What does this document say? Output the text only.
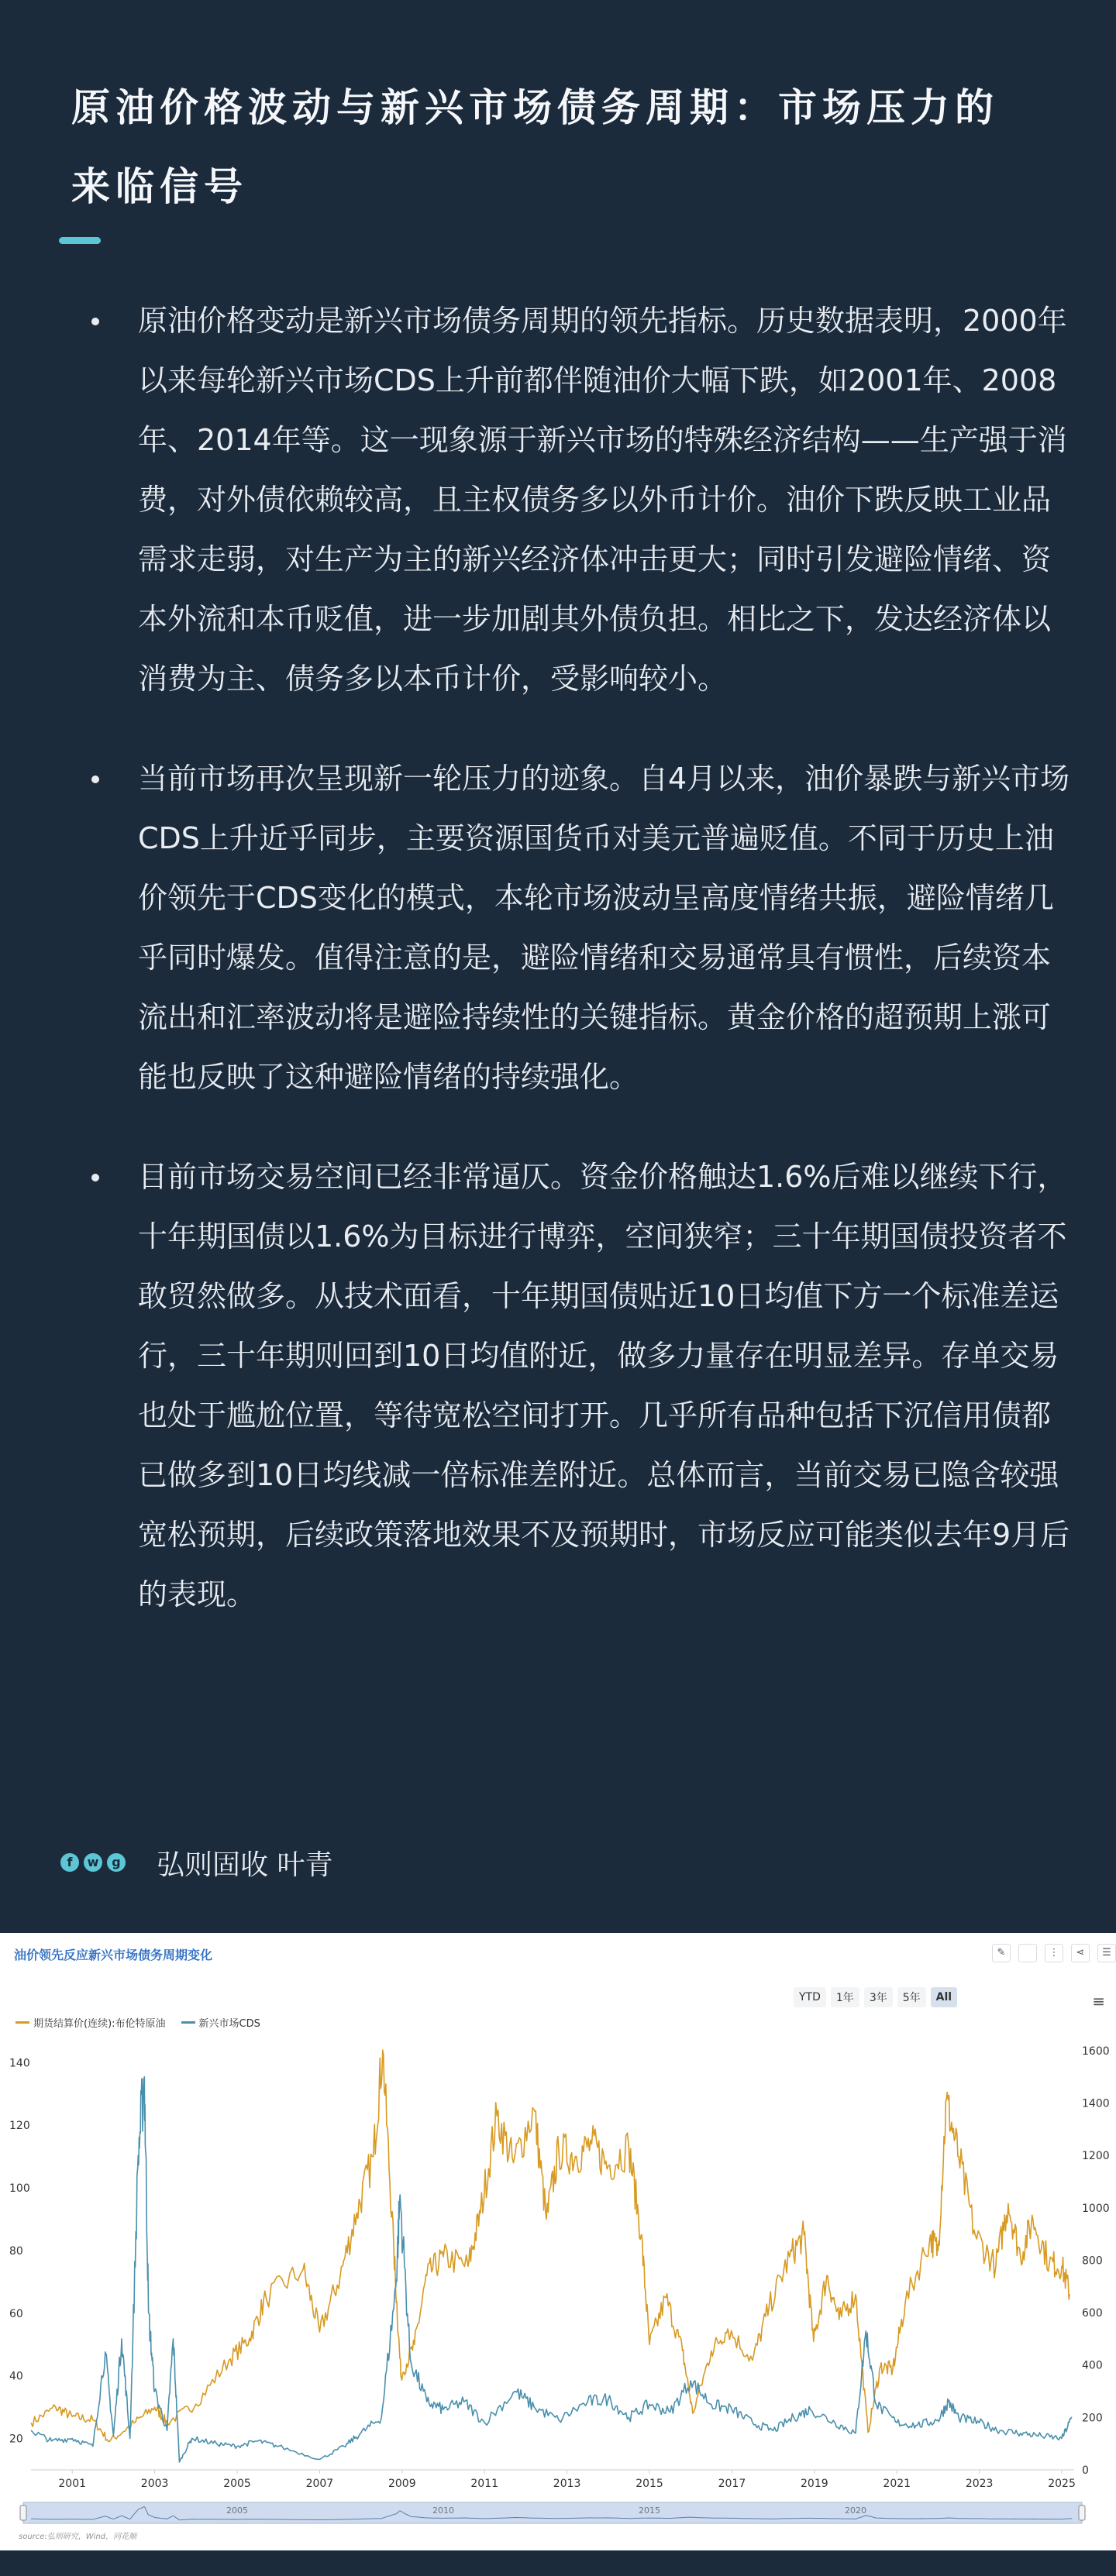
原油价格波动与新兴市场债务周期：市场压力的来临信号
原油价格变动是新兴市场债务周期的领先指标。历史数据表明，2000年以来每轮新兴市场CDS上升前都伴随油价大幅下跌，如2001年、2008年、2014年等。这一现象源于新兴市场的特殊经济结构——生产强于消费，对外债依赖较高，且主权债务多以外币计价。油价下跌反映工业品需求走弱，对生产为主的新兴经济体冲击更大；同时引发避险情绪、资本外流和本币贬值，进一步加剧其外债负担。相比之下，发达经济体以消费为主、债务多以本币计价，受影响较小。
当前市场再次呈现新一轮压力的迹象。自4月以来，油价暴跌与新兴市场CDS上升近乎同步，主要资源国货币对美元普遍贬值。不同于历史上油价领先于CDS变化的模式，本轮市场波动呈高度情绪共振，避险情绪几乎同时爆发。值得注意的是，避险情绪和交易通常具有惯性，后续资本流出和汇率波动将是避险持续性的关键指标。黄金价格的超预期上涨可能也反映了这种避险情绪的持续强化。
目前市场交易空间已经非常逼仄。资金价格触达1.6%后难以继续下行，十年期国债以1.6%为目标进行博弈，空间狭窄；三十年期国债投资者不敢贸然做多。从技术面看，十年期国债贴近10日均值下方一个标准差运行，三十年期则回到10日均值附近，做多力量存在明显差异。存单交易也处于尴尬位置，等待宽松空间打开。几乎所有品种包括下沉信用债都已做多到10日均线减一倍标准差附近。总体而言，当前交易已隐含较强宽松预期，后续政策落地效果不及预期时，市场反应可能类似去年9月后的表现。
f	w	g 弘则固收 叶青
2001	2003	2005	2007	2009	2011	2013	2015	2017	2019	2021	2023	2025
20
40
60
80
100
120
140
0
200
400
600
800
1000
1200
1400
1600
2005	2010	2015	2020
油价领先反应新兴市场债务周期变化	✎	⋮	⋖	☰
YTD	1年	3年	5年	All	≡
期货结算价(连续):布伦特原油	新兴市场CDS
source:弘则研究，Wind，同花顺
